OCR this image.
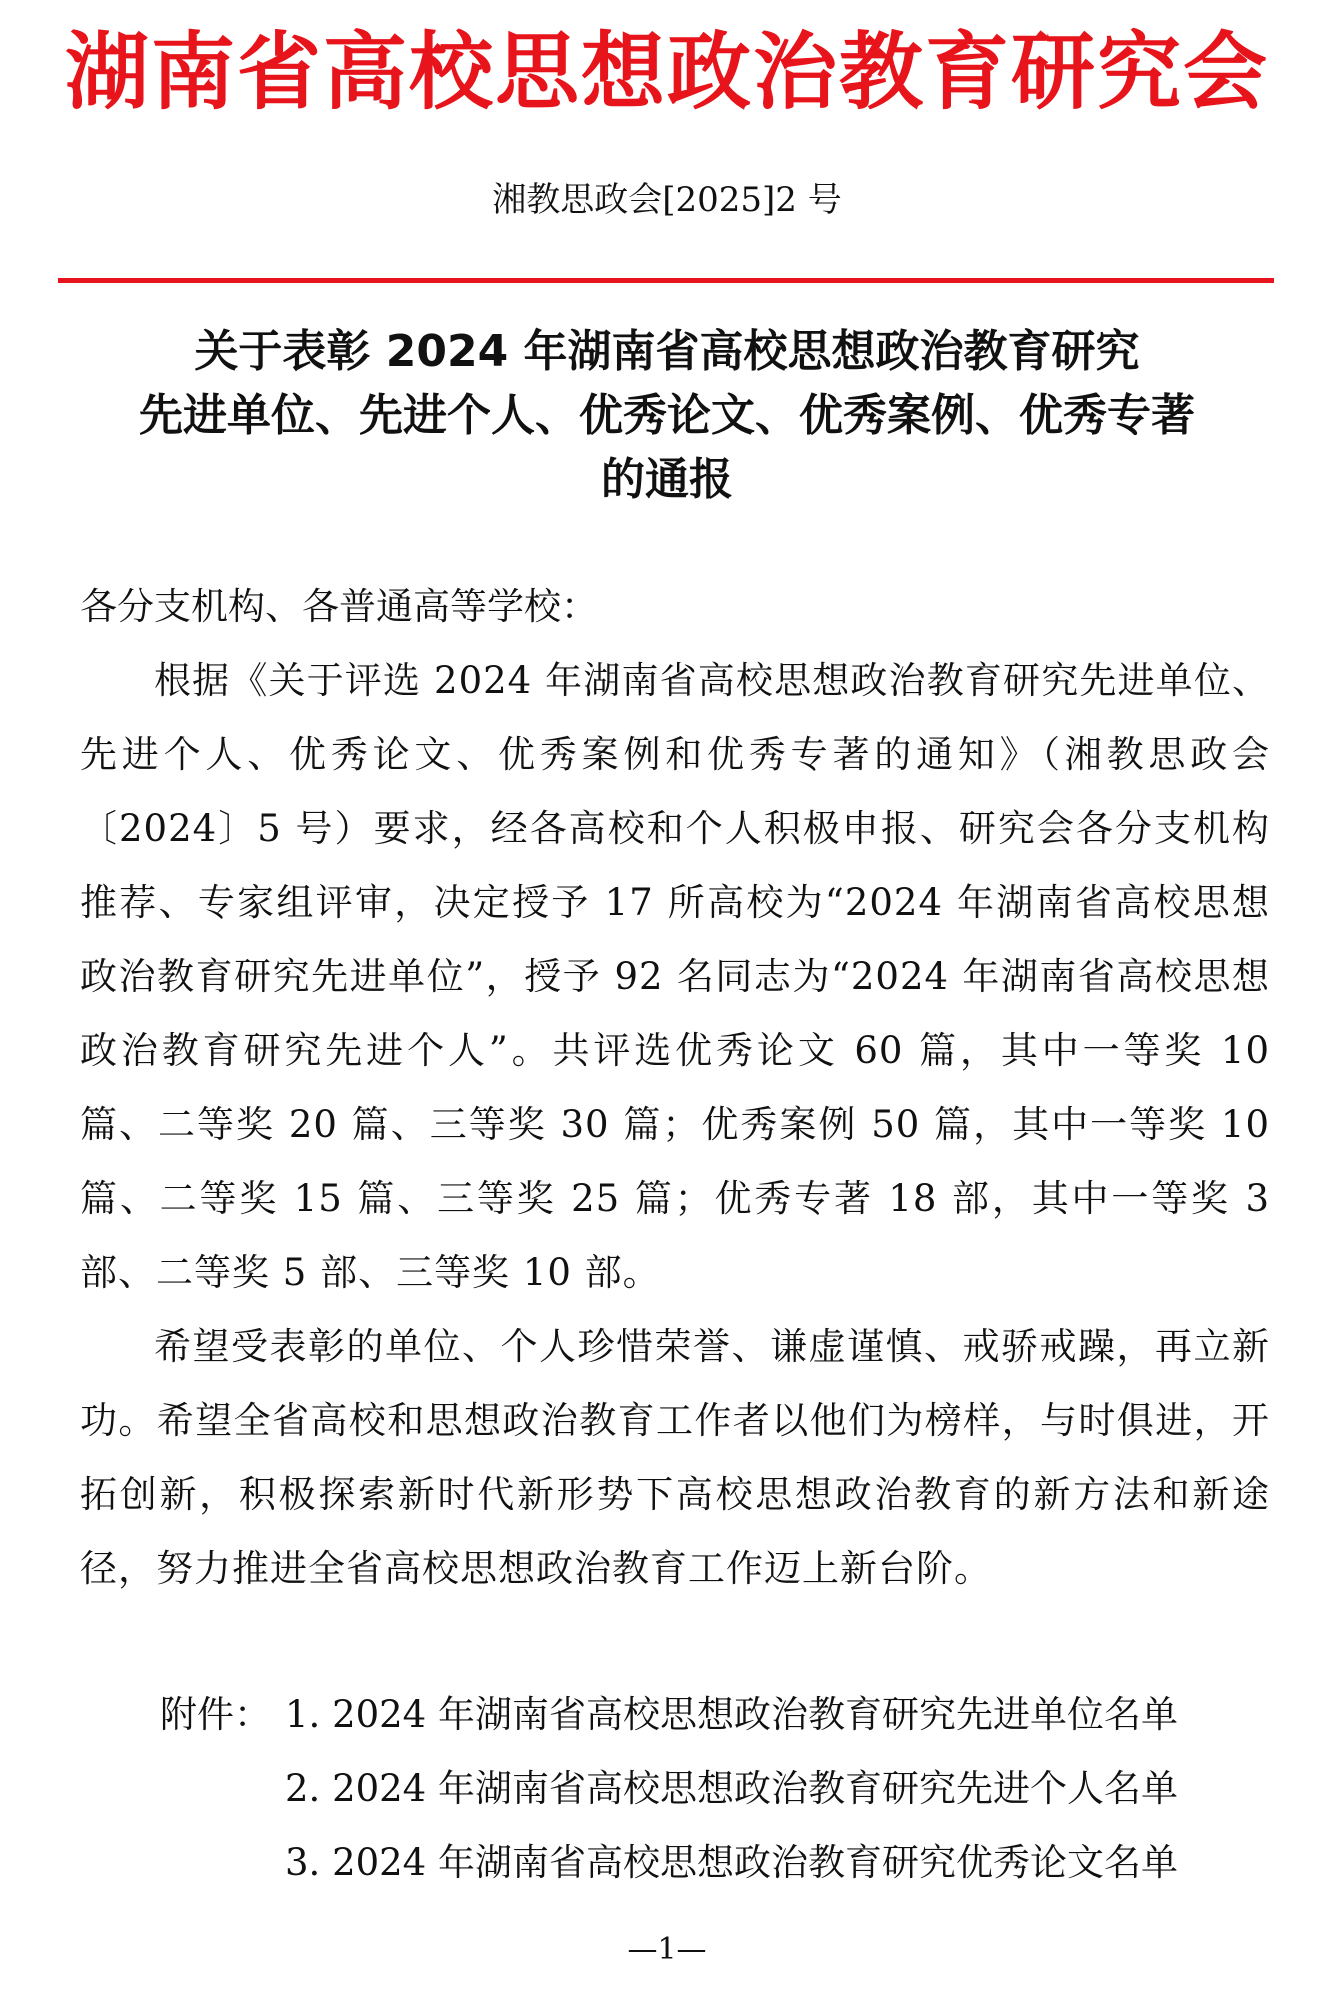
湖南省高校思想政治教育研究会
湘教思政会[2025]2 号
关于表彰 2024 年湖南省高校思想政治教育研究
先进单位、先进个人、优秀论文、优秀案例、优秀专著
的通报
各分支机构、各普通高等学校：
根据《关于评选 2024 年湖南省高校思想政治教育研究先进单位、先进个人、优秀论文、优秀案例和优秀专著的通知》（湘教思政会〔2024〕5 号）要求，经各高校和个人积极申报、研究会各分支机构推荐、专家组评审，决定授予 17 所高校为“2024 年湖南省高校思想政治教育研究先进单位”，授予 92 名同志为“2024 年湖南省高校思想政治教育研究先进个人”。共评选优秀论文 60 篇，其中一等奖 10 篇、二等奖 20 篇、三等奖 30 篇；优秀案例 50 篇，其中一等奖 10 篇、二等奖 15 篇、三等奖 25 篇；优秀专著 18 部，其中一等奖 3 部、二等奖 5 部、三等奖 10 部。
希望受表彰的单位、个人珍惜荣誉、谦虚谨慎、戒骄戒躁，再立新功。希望全省高校和思想政治教育工作者以他们为榜样，与时俱进，开拓创新，积极探索新时代新形势下高校思想政治教育的新方法和新途径，努力推进全省高校思想政治教育工作迈上新台阶。
附件： 1. 2024 年湖南省高校思想政治教育研究先进单位名单
2. 2024 年湖南省高校思想政治教育研究先进个人名单
3. 2024 年湖南省高校思想政治教育研究优秀论文名单
—1—
